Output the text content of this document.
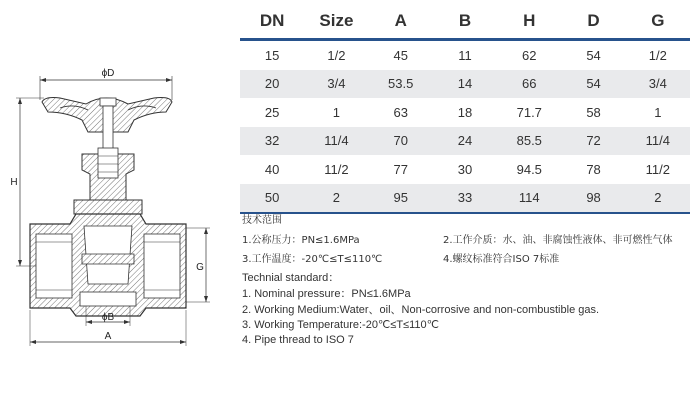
ϕD
H
G
ϕB
A
DN	Size	A	B	H	D	G
15	1/2	45	11	62	54	1/2
20	3/4	53.5	14	66	54	3/4
25	1	63	18	71.7	58	1
32	11/4	70	24	85.5	72	11/4
40	11/2	77	30	94.5	78	11/2
50	2	95	33	114	98	2
技术范围
1.公称压力：PN≤1.6MPa	2.工作介质：水、油、非腐蚀性液体、非可燃性气体
3.工作温度：-20℃≤T≤110℃	4.螺纹标准符合ISO 7标准
Technial standard：
1. Nominal pressure：PN≤1.6MPa
2. Working Medium:Water、oil、Non-corrosive and non-combustible gas.
3. Working Temperature:-20℃≤T≤110℃
4. Pipe thread to ISO 7
